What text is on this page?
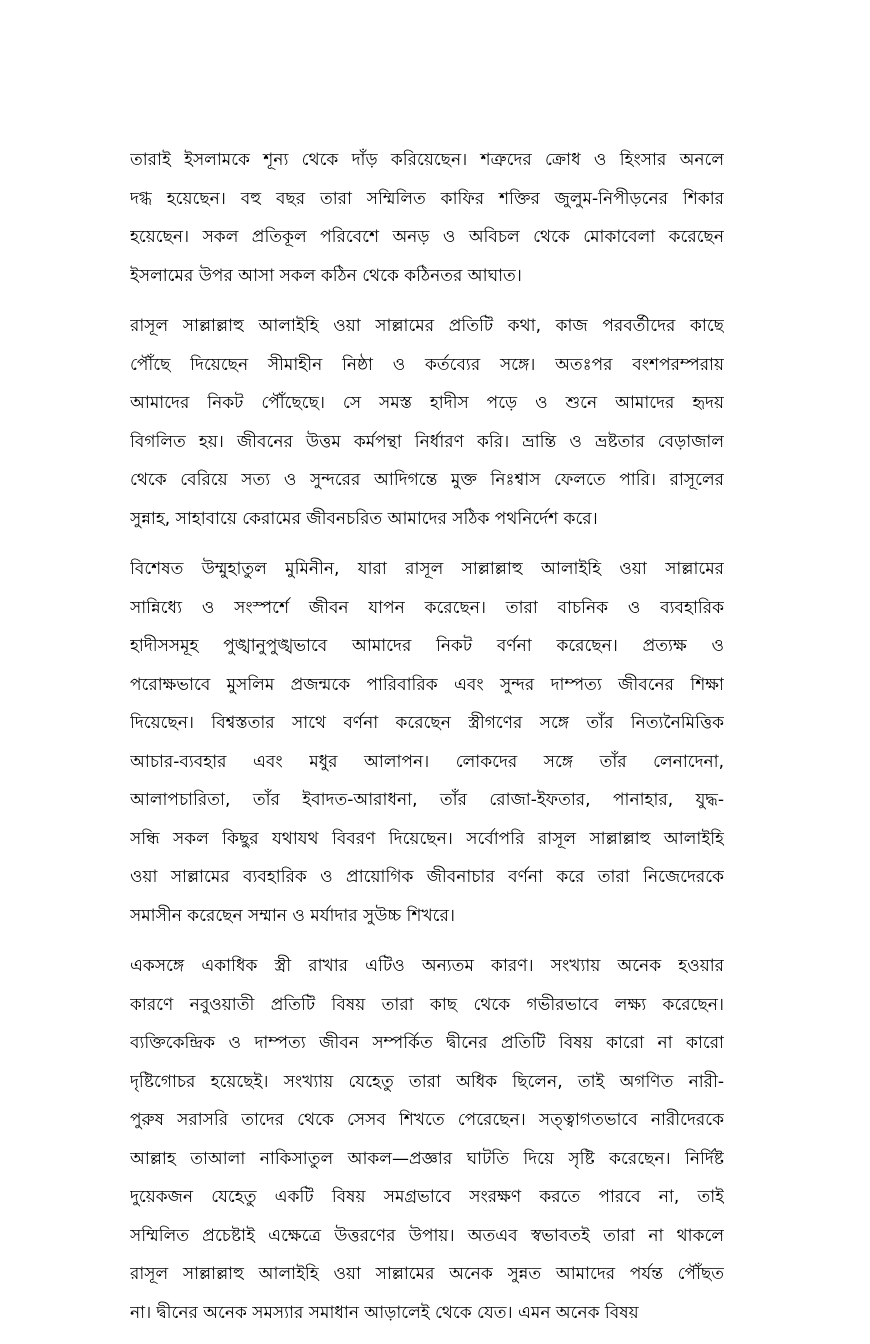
তারাই ইসলামকে শূন্য থেকে দাঁড় করিয়েছেন। শত্রুদের ক্রোধ ও হিংসার অনলে
দগ্ধ হয়েছেন। বহু বছর তারা সম্মিলিত কাফির শক্তির জুলুম-নিপীড়নের শিকার
হয়েছেন। সকল প্রতিকূল পরিবেশে অনড় ও অবিচল থেকে মোকাবেলা করেছেন
ইসলামের উপর আসা সকল কঠিন থেকে কঠিনতর আঘাত।
রাসূল সাল্লাল্লাহু আলাইহি ওয়া সাল্লামের প্রতিটি কথা, কাজ পরবর্তীদের কাছে
পৌঁছে দিয়েছেন সীমাহীন নিষ্ঠা ও কর্তব্যের সঙ্গে। অতঃপর বংশপরম্পরায়
আমাদের নিকট পৌঁছেছে। সে সমস্ত হাদীস পড়ে ও শুনে আমাদের হৃদয়
বিগলিত হয়। জীবনের উত্তম কর্মপন্থা নির্ধারণ করি। ভ্রান্তি ও ভ্রষ্টতার বেড়াজাল
থেকে বেরিয়ে সত্য ও সুন্দরের আদিগন্তে মুক্ত নিঃশ্বাস ফেলতে পারি। রাসূলের
সুন্নাহ, সাহাবায়ে কেরামের জীবনচরিত আমাদের সঠিক পথনির্দেশ করে।
বিশেষত উম্মুহাতুল মুমিনীন, যারা রাসূল সাল্লাল্লাহু আলাইহি ওয়া সাল্লামের
সান্নিধ্যে ও সংস্পর্শে জীবন যাপন করেছেন। তারা বাচনিক ও ব্যবহারিক
হাদীসসমূহ পুঙ্খানুপুঙ্খভাবে আমাদের নিকট বর্ণনা করেছেন। প্রত্যক্ষ ও
পরোক্ষভাবে মুসলিম প্রজন্মকে পারিবারিক এবং সুন্দর দাম্পত্য জীবনের শিক্ষা
দিয়েছেন। বিশ্বস্ততার সাথে বর্ণনা করেছেন স্ত্রীগণের সঙ্গে তাঁর নিত্যনৈমিত্তিক
আচার-ব্যবহার এবং মধুর আলাপন। লোকদের সঙ্গে তাঁর লেনাদেনা,
আলাপচারিতা, তাঁর ইবাদত-আরাধনা, তাঁর রোজা-ইফতার, পানাহার, যুদ্ধ-
সন্ধি সকল কিছুর যথাযথ বিবরণ দিয়েছেন। সর্বোপরি রাসূল সাল্লাল্লাহু আলাইহি
ওয়া সাল্লামের ব্যবহারিক ও প্রায়োগিক জীবনাচার বর্ণনা করে তারা নিজেদেরকে
সমাসীন করেছেন সম্মান ও মর্যাদার সুউচ্চ শিখরে।
একসঙ্গে একাধিক স্ত্রী রাখার এটিও অন্যতম কারণ। সংখ্যায় অনেক হওয়ার
কারণে নবুওয়াতী প্রতিটি বিষয় তারা কাছ থেকে গভীরভাবে লক্ষ্য করেছেন।
ব্যক্তিকেন্দ্রিক ও দাম্পত্য জীবন সম্পর্কিত দ্বীনের প্রতিটি বিষয় কারো না কারো
দৃষ্টিগোচর হয়েছেই। সংখ্যায় যেহেতু তারা অধিক ছিলেন, তাই অগণিত নারী-
পুরুষ সরাসরি তাদের থেকে সেসব শিখতে পেরেছেন। সত্ত্বাগতভাবে নারীদেরকে
আল্লাহ তাআলা নাকিসাতুল আকল—প্রজ্ঞার ঘাটতি দিয়ে সৃষ্টি করেছেন। নির্দিষ্ট
দুয়েকজন যেহেতু একটি বিষয় সমগ্রভাবে সংরক্ষণ করতে পারবে না, তাই
সম্মিলিত প্রচেষ্টাই এক্ষেত্রে উত্তরণের উপায়। অতএব স্বভাবতই তারা না থাকলে
রাসূল সাল্লাল্লাহু আলাইহি ওয়া সাল্লামের অনেক সুন্নত আমাদের পর্যন্ত পৌঁছত
না। দ্বীনের অনেক সমস্যার সমাধান আড়ালেই থেকে যেত। এমন অনেক বিষয়
